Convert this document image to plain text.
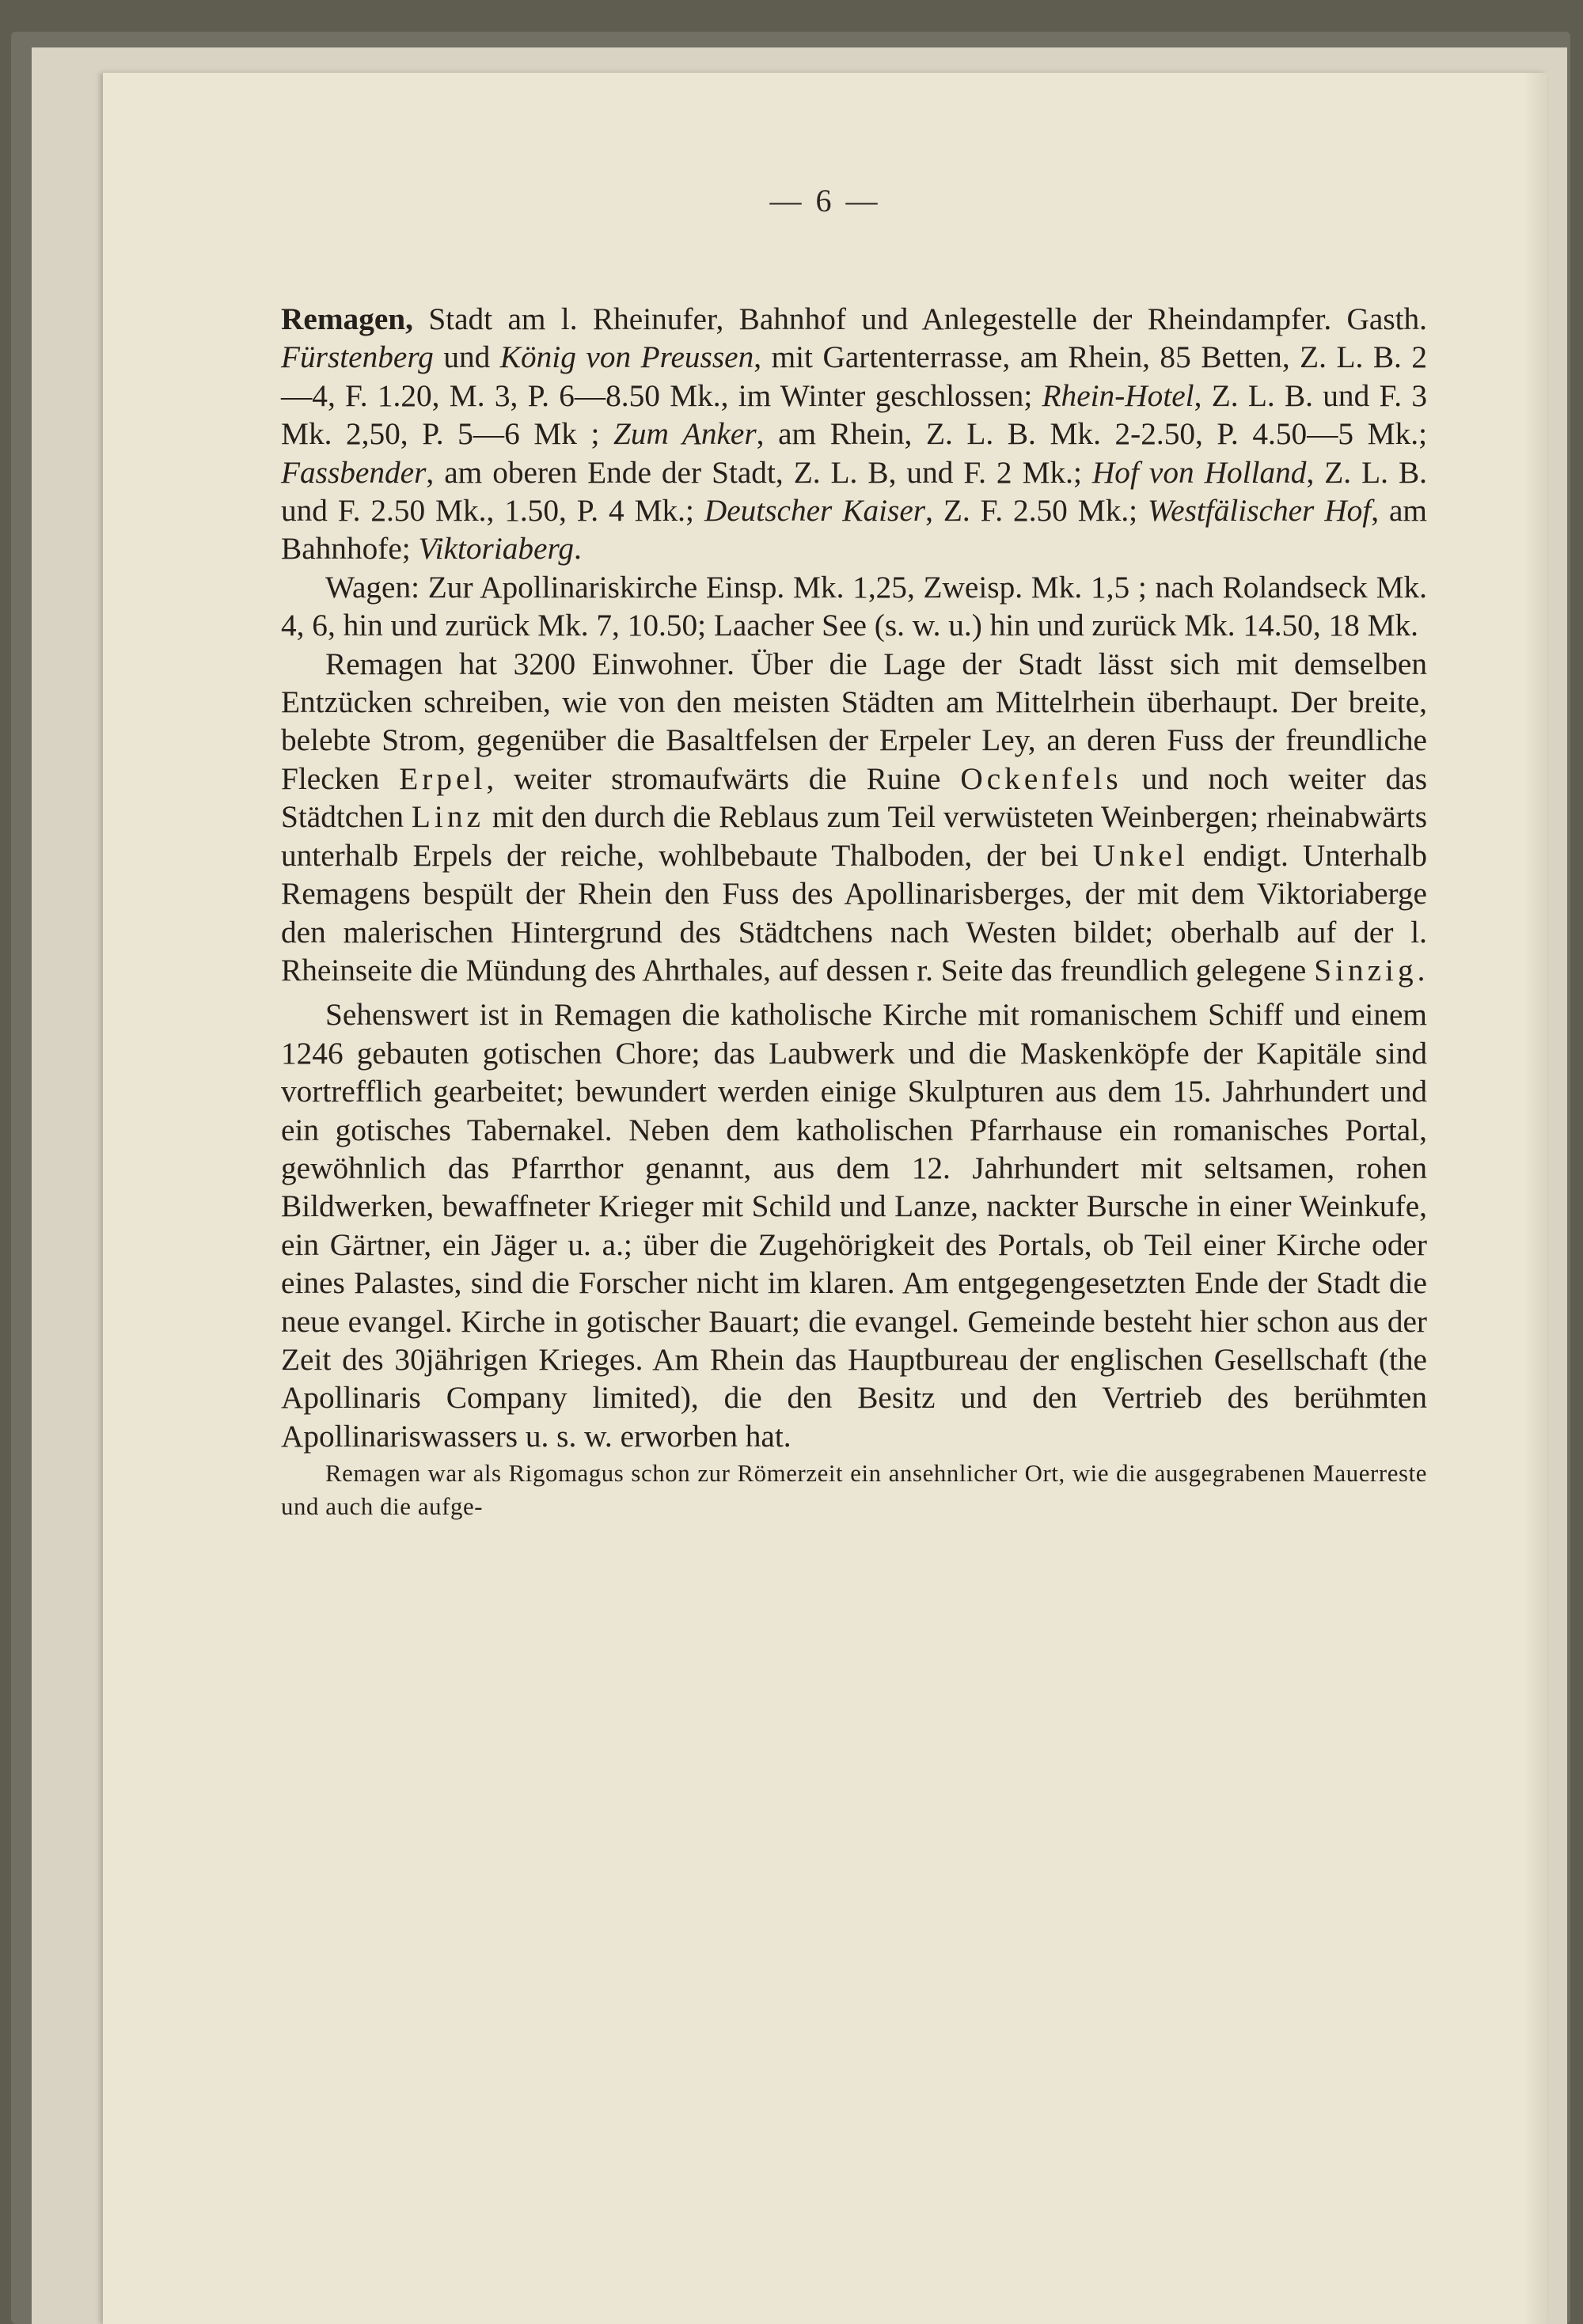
— 6 —

Remagen, Stadt am l. Rheinufer, Bahnhof und Anlegestelle der Rheindampfer. Gasth. Fürstenberg und König von Preussen, mit Gartenterrasse, am Rhein, 85 Betten, Z. L. B. 2—4, F. 1.20, M. 3, P. 6—8.50 Mk., im Winter geschlossen; Rhein-Hotel, Z. L. B. und F. 3 Mk. 2,50, P. 5—6 Mk ; Zum Anker, am Rhein, Z. L. B. Mk. 2-2.50, P. 4.50—5 Mk.; Fassbender, am oberen Ende der Stadt, Z. L. B, und F. 2 Mk.; Hof von Holland, Z. L. B. und F. 2.50 Mk., 1.50, P. 4 Mk.; Deutscher Kaiser, Z. F. 2.50 Mk.; Westfälischer Hof, am Bahnhofe; Viktoriaberg.

Wagen: Zur Apollinariskirche Einsp. Mk. 1,25, Zweisp. Mk. 1,5 ; nach Rolandseck Mk. 4, 6, hin und zurück Mk. 7, 10.50; Laacher See (s. w. u.) hin und zurück Mk. 14.50, 18 Mk.

Remagen hat 3200 Einwohner. Über die Lage der Stadt lässt sich mit demselben Entzücken schreiben, wie von den meisten Städten am Mittelrhein überhaupt. Der breite, belebte Strom, gegenüber die Basaltfelsen der Erpeler Ley, an deren Fuss der freundliche Flecken Erpel, weiter stromaufwärts die Ruine Ockenfels und noch weiter das Städtchen Linz mit den durch die Reblaus zum Teil verwüsteten Weinbergen; rheinabwärts unterhalb Erpels der reiche, wohlbebaute Thalboden, der bei Unkel endigt. Unterhalb Remagens bespült der Rhein den Fuss des Apollinarisberges, der mit dem Viktoriaberge den malerischen Hintergrund des Städtchens nach Westen bildet; oberhalb auf der l. Rheinseite die Mündung des Ahrthales, auf dessen r. Seite das freundlich gelegene Sinzig.

Sehenswert ist in Remagen die katholische Kirche mit romanischem Schiff und einem 1246 gebauten gotischen Chore; das Laubwerk und die Maskenköpfe der Kapitäle sind vortrefflich gearbeitet; bewundert werden einige Skulpturen aus dem 15. Jahrhundert und ein gotisches Tabernakel. Neben dem katholischen Pfarrhause ein romanisches Portal, gewöhnlich das Pfarrthor genannt, aus dem 12. Jahrhundert mit seltsamen, rohen Bildwerken, bewaffneter Krieger mit Schild und Lanze, nackter Bursche in einer Weinkufe, ein Gärtner, ein Jäger u. a.; über die Zugehörigkeit des Portals, ob Teil einer Kirche oder eines Palastes, sind die Forscher nicht im klaren. Am entgegengesetzten Ende der Stadt die neue evangel. Kirche in gotischer Bauart; die evangel. Gemeinde besteht hier schon aus der Zeit des 30jährigen Krieges. Am Rhein das Hauptbureau der englischen Gesellschaft (the Apollinaris Company limited), die den Besitz und den Vertrieb des berühmten Apollinariswassers u. s. w. erworben hat.

Remagen war als Rigomagus schon zur Römerzeit ein ansehnlicher Ort, wie die ausgegrabenen Mauerreste und auch die aufge-
